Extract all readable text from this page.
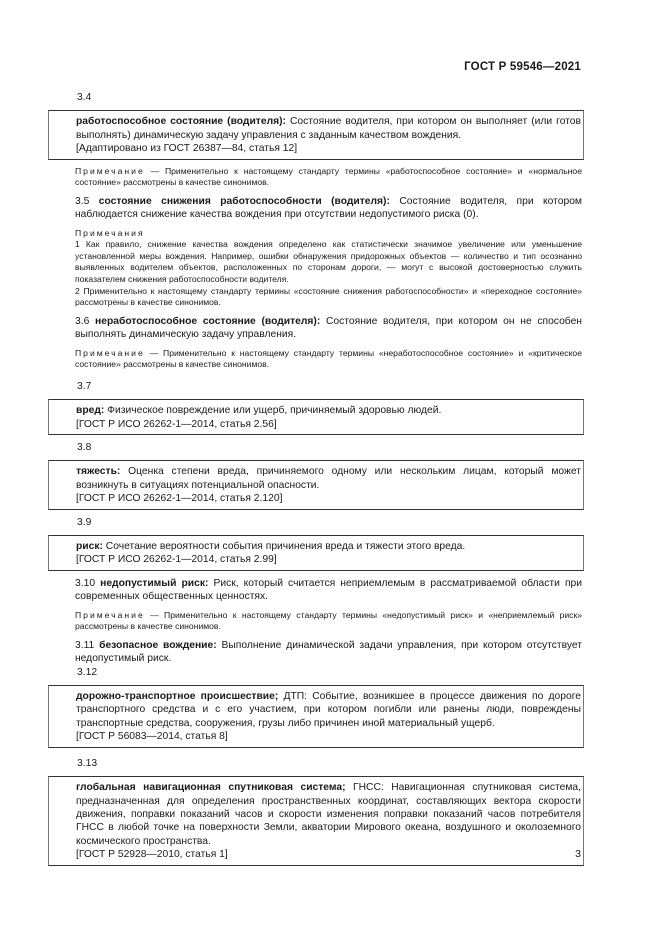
ГОСТ Р 59546—2021
3.4
работоспособное состояние (водителя): Состояние водителя, при котором он выполняет (или готов выполнять) динамическую задачу управления с заданным качеством вождения.
[Адаптировано из ГОСТ 26387—84, статья 12]
Примечание — Применительно к настоящему стандарту термины «работоспособное состояние» и «нормальное состояние» рассмотрены в качестве синонимов.
3.5 состояние снижения работоспособности (водителя): Состояние водителя, при котором наблюдается снижение качества вождения при отсутствии недопустимого риска (0).
Примечания
1 Как правило, снижение качества вождения определено как статистически значимое увеличение или уменьшение установленной меры вождения. Например, ошибки обнаружения придорожных объектов — количество и тип осознанно выявленных водителем объектов, расположенных по сторонам дороги, — могут с высокой достоверностью служить показателем снижения работоспособности водителя.
2 Применительно к настоящему стандарту термины «состояние снижения работоспособности» и «переходное состояние» рассмотрены в качестве синонимов.
3.6 неработоспособное состояние (водителя): Состояние водителя, при котором он не способен выполнять динамическую задачу управления.
Примечание — Применительно к настоящему стандарту термины «неработоспособное состояние» и «критическое состояние» рассмотрены в качестве синонимов.
3.7
вред: Физическое повреждение или ущерб, причиняемый здоровью людей.
[ГОСТ Р ИСО 26262-1—2014, статья 2.56]
3.8
тяжесть: Оценка степени вреда, причиняемого одному или нескольким лицам, который может возникнуть в ситуациях потенциальной опасности.
[ГОСТ Р ИСО 26262-1—2014, статья 2.120]
3.9
риск: Сочетание вероятности события причинения вреда и тяжести этого вреда.
[ГОСТ Р ИСО 26262-1—2014, статья 2.99]
3.10 недопустимый риск: Риск, который считается неприемлемым в рассматриваемой области при современных общественных ценностях.
Примечание — Применительно к настоящему стандарту термины «недопустимый риск» и «неприемлемый риск» рассмотрены в качестве синонимов.
3.11 безопасное вождение: Выполнение динамической задачи управления, при котором отсутствует недопустимый риск.
3.12
дорожно-транспортное происшествие; ДТП: Событие, возникшее в процессе движения по дороге транспортного средства и с его участием, при котором погибли или ранены люди, повреждены транспортные средства, сооружения, грузы либо причинен иной материальный ущерб.
[ГОСТ Р 56083—2014, статья 8]
3.13
глобальная навигационная спутниковая система; ГНСС: Навигационная спутниковая система, предназначенная для определения пространственных координат, составляющих вектора скорости движения, поправки показаний часов и скорости изменения поправки показаний часов потребителя ГНСС в любой точке на поверхности Земли, акватории Мирового океана, воздушного и околоземного космического пространства.
[ГОСТ Р 52928—2010, статья 1]	3
